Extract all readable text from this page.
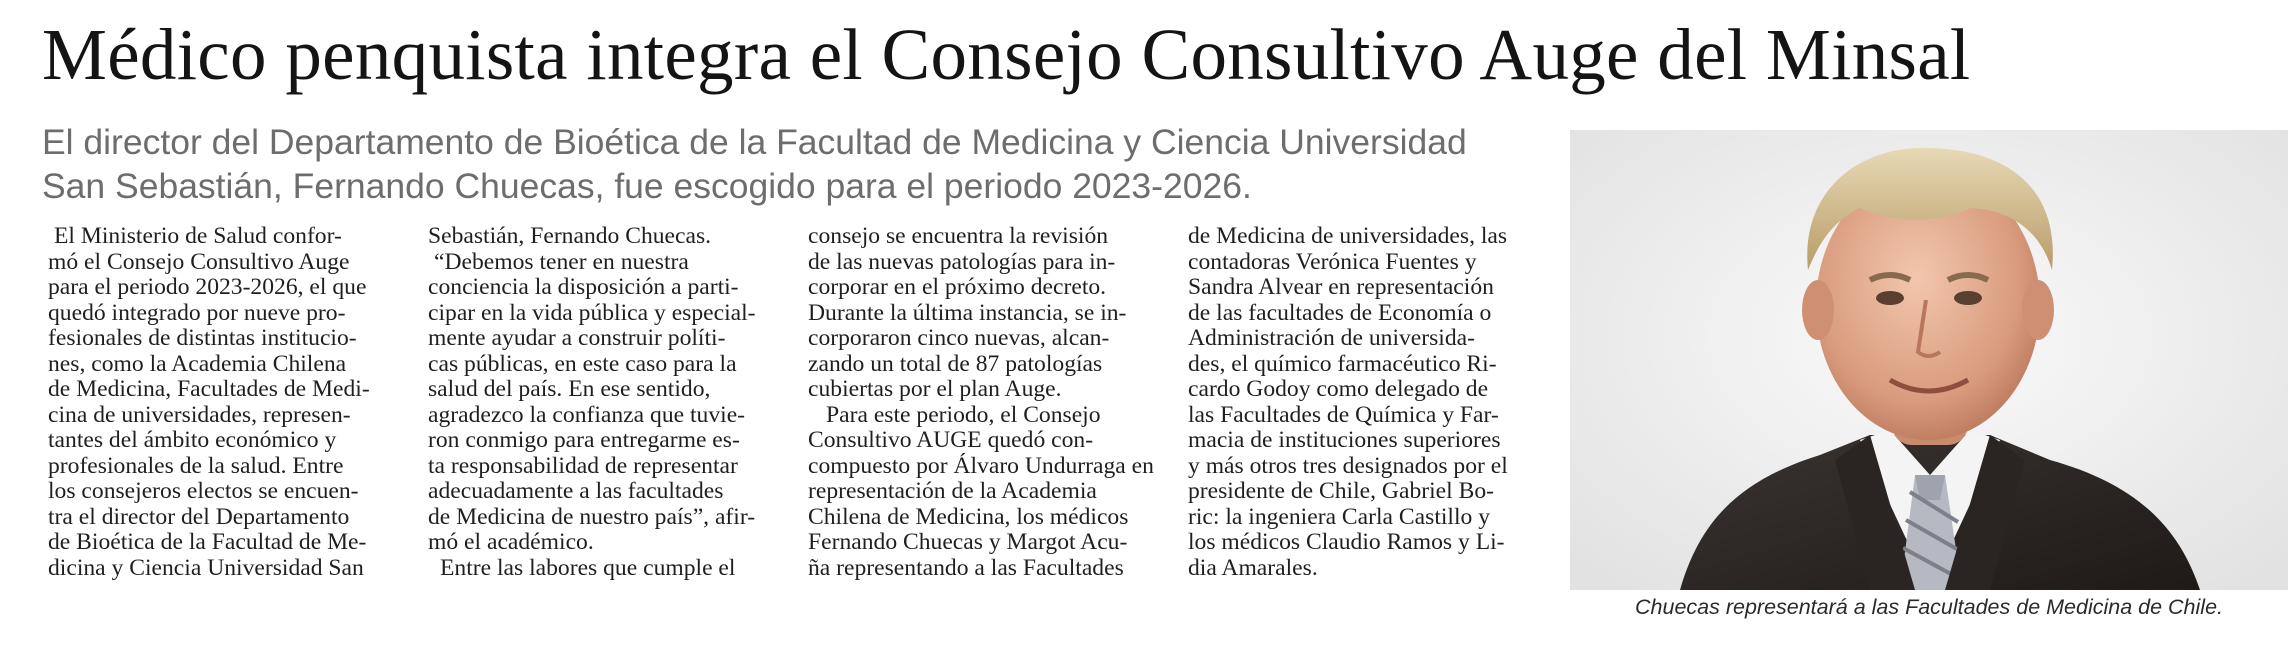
Médico penquista integra el Consejo Consultivo Auge del Minsal
El director del Departamento de Bioética de la Facultad de Medicina y Ciencia Universidad
San Sebastián, Fernando Chuecas, fue escogido para el periodo 2023-2026.
El Ministerio de Salud confor-
mó el Consejo Consultivo Auge
para el periodo 2023-2026, el que
quedó integrado por nueve pro-
fesionales de distintas institucio-
nes, como la Academia Chilena
de Medicina, Facultades de Medi-
cina de universidades, represen-
tantes del ámbito económico y
profesionales de la salud. Entre
los consejeros electos se encuen-
tra el director del Departamento
de Bioética de la Facultad de Me-
dicina y Ciencia Universidad San
Sebastián, Fernando Chuecas.
“Debemos tener en nuestra
conciencia la disposición a parti-
cipar en la vida pública y especial-
mente ayudar a construir políti-
cas públicas, en este caso para la
salud del país. En ese sentido,
agradezco la confianza que tuvie-
ron conmigo para entregarme es-
ta responsabilidad de representar
adecuadamente a las facultades
de Medicina de nuestro país”, afir-
mó el académico.
Entre las labores que cumple el
consejo se encuentra la revisión
de las nuevas patologías para in-
corporar en el próximo decreto.
Durante la última instancia, se in-
corporaron cinco nuevas, alcan-
zando un total de 87 patologías
cubiertas por el plan Auge.
Para este periodo, el Consejo
Consultivo AUGE quedó con-
compuesto por Álvaro Undurraga en
representación de la Academia
Chilena de Medicina, los médicos
Fernando Chuecas y Margot Acu-
ña representando a las Facultades
de Medicina de universidades, las
contadoras Verónica Fuentes y
Sandra Alvear en representación
de las facultades de Economía o
Administración de universida-
des, el químico farmacéutico Ri-
cardo Godoy como delegado de
las Facultades de Química y Far-
macia de instituciones superiores
y más otros tres designados por el
presidente de Chile, Gabriel Bo-
ric: la ingeniera Carla Castillo y
los médicos Claudio Ramos y Li-
dia Amarales.
Chuecas representará a las Facultades de Medicina de Chile.
